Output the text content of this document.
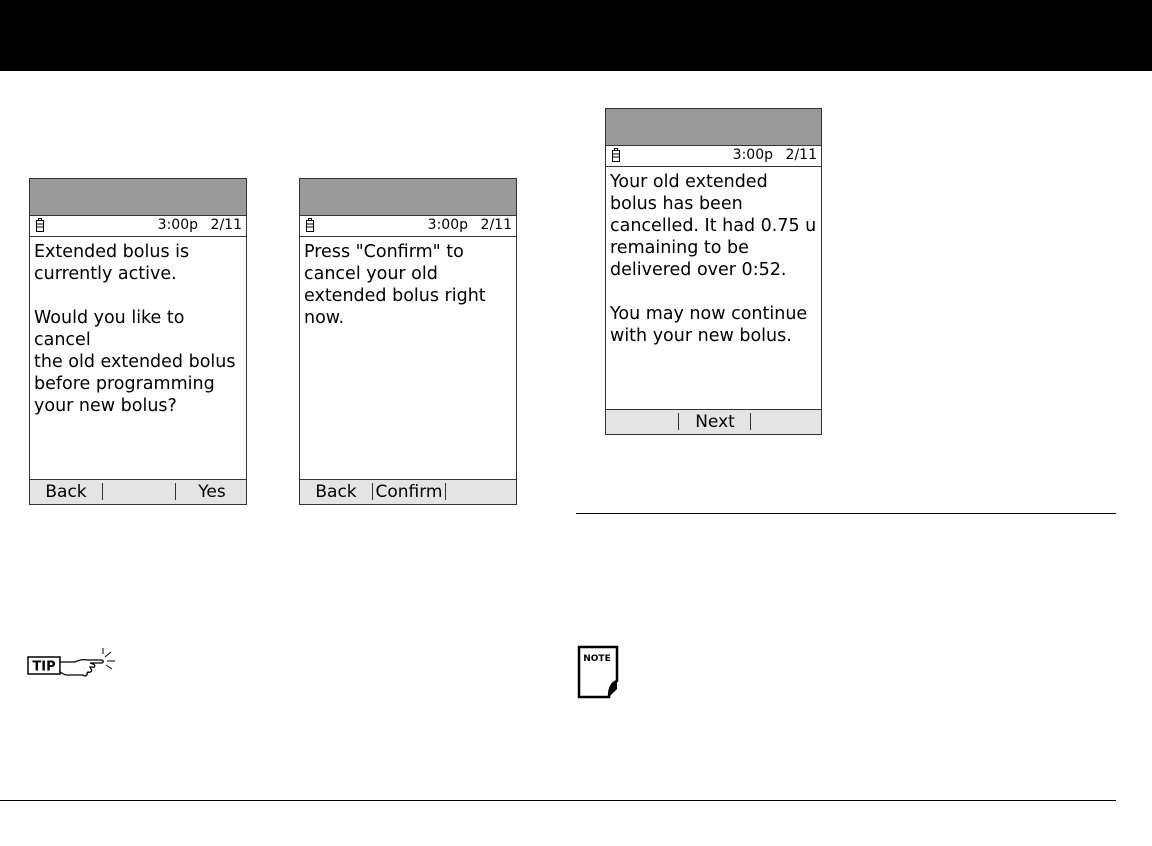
3:00p 2/11
Extended bolus is
currently active.

Would you like to cancel
the old extended bolus
before programming
your new bolus?
Back	Yes
3:00p 2/11
Press "Confirm" to
cancel your old
extended bolus right
now.
Back	Confirm
3:00p 2/11
Your old extended
bolus has been
cancelled. It had 0.75 u
remaining to be
delivered over 0:52.

You may now continue
with your new bolus.
Next
TIP
NOTE
